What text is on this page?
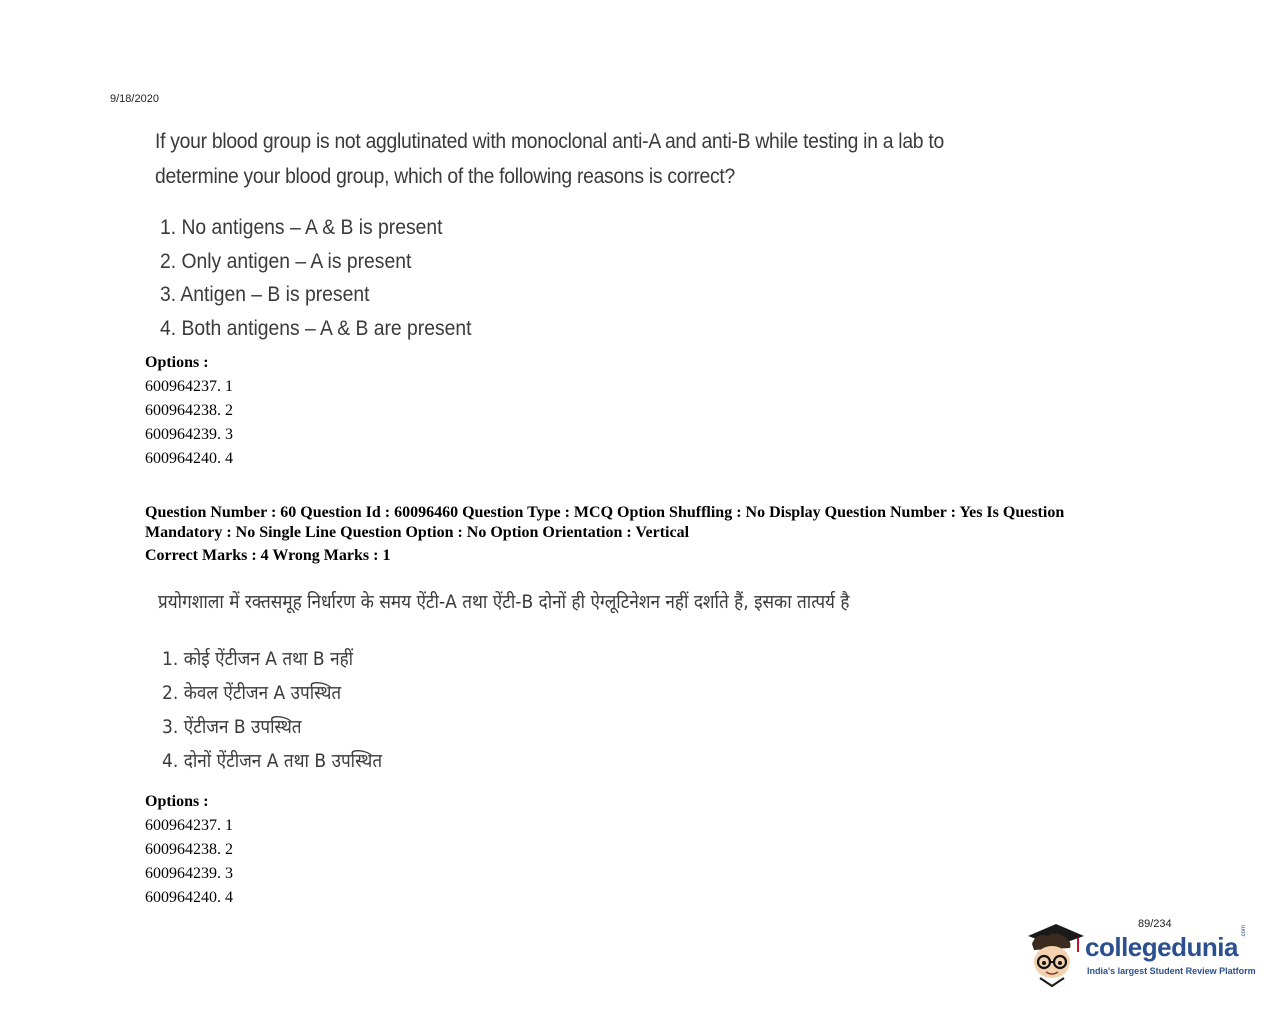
9/18/2020
If your blood group is not agglutinated with monoclonal anti-A and anti-B while testing in a lab to
determine your blood group, which of the following reasons is correct?
1. No antigens – A & B is present
2. Only antigen – A is present
3. Antigen – B is present
4. Both antigens – A & B are present
Options :
600964237. 1
600964238. 2
600964239. 3
600964240. 4
Question Number : 60 Question Id : 60096460 Question Type : MCQ Option Shuffling : No Display Question Number : Yes Is Question
Mandatory : No Single Line Question Option : No Option Orientation : Vertical
Correct Marks : 4 Wrong Marks : 1
प्रयोगशाला में रक्तसमूह निर्धारण के समय ऐंटी-A तथा ऐंटी-B दोनों ही ऐग्लूटिनेशन नहीं दर्शाते हैं, इसका तात्पर्य है
1. कोई ऐंटीजन A तथा B नहीं
2. केवल ऐंटीजन A उपस्थित
3. ऐंटीजन B उपस्थित
4. दोनों ऐंटीजन A तथा B उपस्थित
Options :
600964237. 1
600964238. 2
600964239. 3
600964240. 4
89/234
collegedunia
.com
India's largest Student Review Platform
